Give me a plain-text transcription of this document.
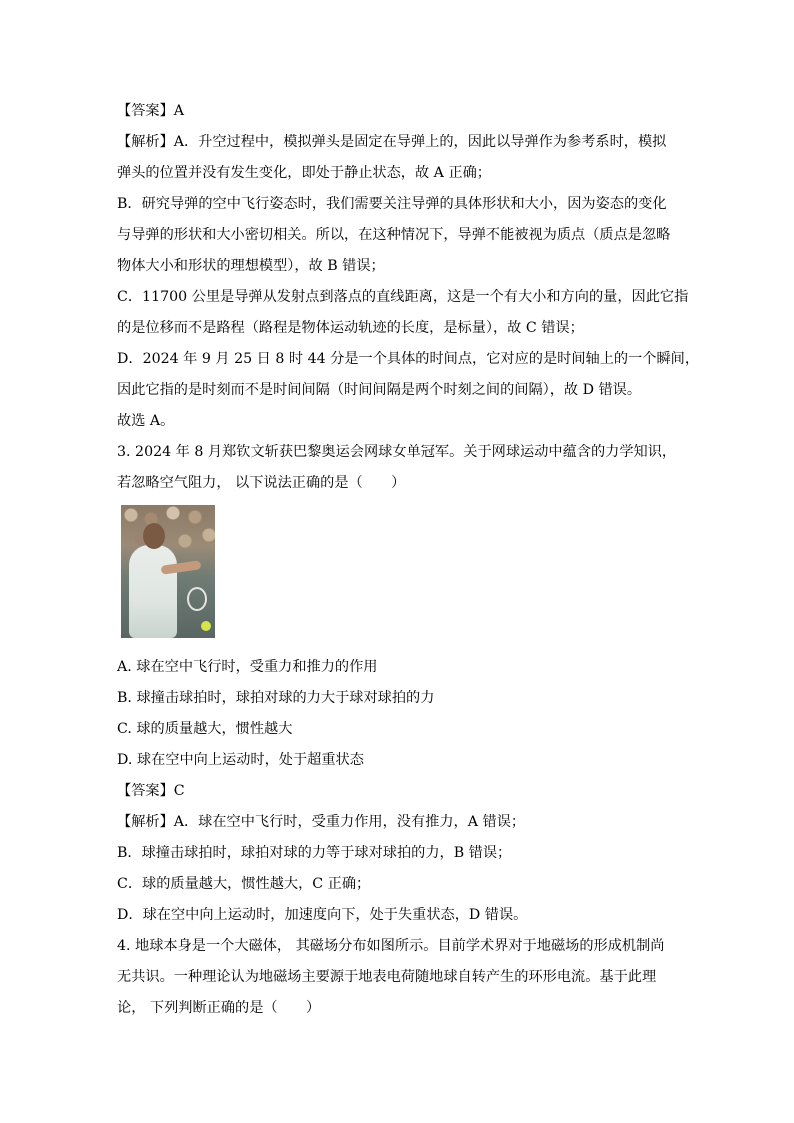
【答案】A
【解析】A．升空过程中，模拟弹头是固定在导弹上的，因此以导弹作为参考系时，模拟
弹头的位置并没有发生变化，即处于静止状态，故 A 正确；
B．研究导弹的空中飞行姿态时，我们需要关注导弹的具体形状和大小，因为姿态的变化
与导弹的形状和大小密切相关。所以，在这种情况下，导弹不能被视为质点（质点是忽略
物体大小和形状的理想模型），故 B 错误；
C．11700 公里是导弹从发射点到落点的直线距离，这是一个有大小和方向的量，因此它指
的是位移而不是路程（路程是物体运动轨迹的长度，是标量），故 C 错误；
D．2024 年 9 月 25 日 8 时 44 分是一个具体的时间点，它对应的是时间轴上的一个瞬间，
因此它指的是时刻而不是时间间隔（时间间隔是两个时刻之间的间隔），故 D 错误。
故选 A。
3. 2024 年 8 月郑钦文斩获巴黎奥运会网球女单冠军。关于网球运动中蕴含的力学知识，
若忽略空气阻力， 以下说法正确的是（　　）
A. 球在空中飞行时，受重力和推力的作用
B. 球撞击球拍时，球拍对球的力大于球对球拍的力
C. 球的质量越大，惯性越大
D. 球在空中向上运动时，处于超重状态
【答案】C
【解析】A．球在空中飞行时，受重力作用，没有推力，A 错误；
B．球撞击球拍时，球拍对球的力等于球对球拍的力，B 错误；
C．球的质量越大，惯性越大，C 正确；
D．球在空中向上运动时，加速度向下，处于失重状态，D 错误。
4. 地球本身是一个大磁体， 其磁场分布如图所示。目前学术界对于地磁场的形成机制尚
无共识。一种理论认为地磁场主要源于地表电荷随地球自转产生的环形电流。基于此理
论， 下列判断正确的是（　　）
